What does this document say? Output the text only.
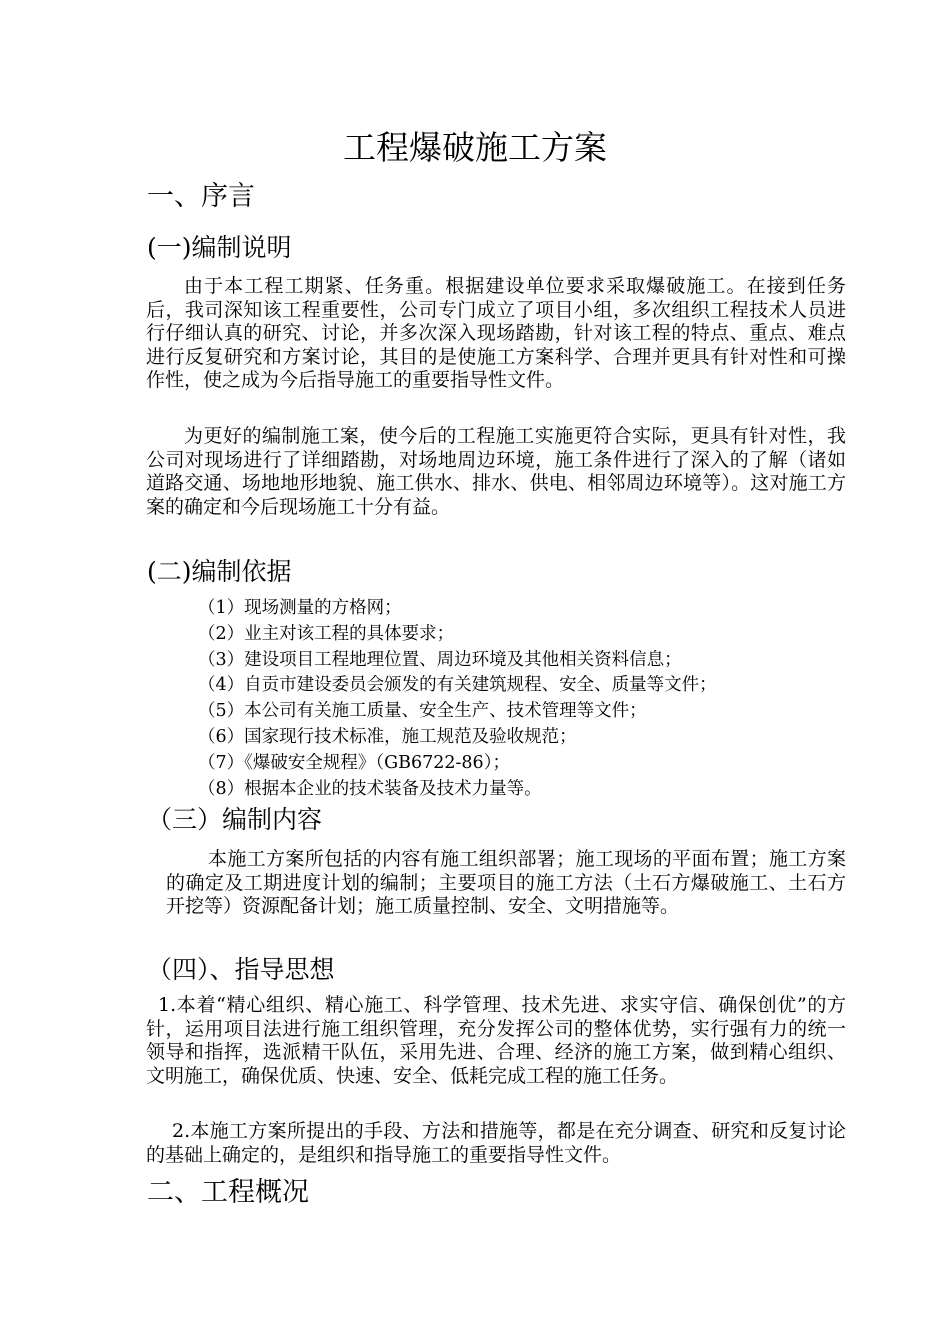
工程爆破施工方案
一、序言
(一)编制说明
由于本工程工期紧、任务重。根据建设单位要求采取爆破施工。在接到任务后，我司深知该工程重要性，公司专门成立了项目小组，多次组织工程技术人员进行仔细认真的研究、讨论，并多次深入现场踏勘，针对该工程的特点、重点、难点进行反复研究和方案讨论，其目的是使施工方案科学、合理并更具有针对性和可操作性，使之成为今后指导施工的重要指导性文件。
为更好的编制施工案，使今后的工程施工实施更符合实际，更具有针对性，我公司对现场进行了详细踏勘，对场地周边环境，施工条件进行了深入的了解（诸如道路交通、场地地形地貌、施工供水、排水、供电、相邻周边环境等）。这对施工方案的确定和今后现场施工十分有益。
(二)编制依据
（1）现场测量的方格网；
（2）业主对该工程的具体要求；
（3）建设项目工程地理位置、周边环境及其他相关资料信息；
（4）自贡市建设委员会颁发的有关建筑规程、安全、质量等文件；
（5）本公司有关施工质量、安全生产、技术管理等文件；
（6）国家现行技术标准，施工规范及验收规范；
（7）《爆破安全规程》（GB6722-86）；
（8）根据本企业的技术装备及技术力量等。
（三）编制内容
本施工方案所包括的内容有施工组织部署；施工现场的平面布置；施工方案的确定及工期进度计划的编制；主要项目的施工方法（土石方爆破施工、土石方开挖等）资源配备计划；施工质量控制、安全、文明措施等。
（四）、指导思想
1.本着“精心组织、精心施工、科学管理、技术先进、求实守信、确保创优”的方针，运用项目法进行施工组织管理，充分发挥公司的整体优势，实行强有力的统一领导和指挥，选派精干队伍，采用先进、合理、经济的施工方案，做到精心组织、文明施工，确保优质、快速、安全、低耗完成工程的施工任务。
2.本施工方案所提出的手段、方法和措施等，都是在充分调查、研究和反复讨论的基础上确定的，是组织和指导施工的重要指导性文件。
二、工程概况
